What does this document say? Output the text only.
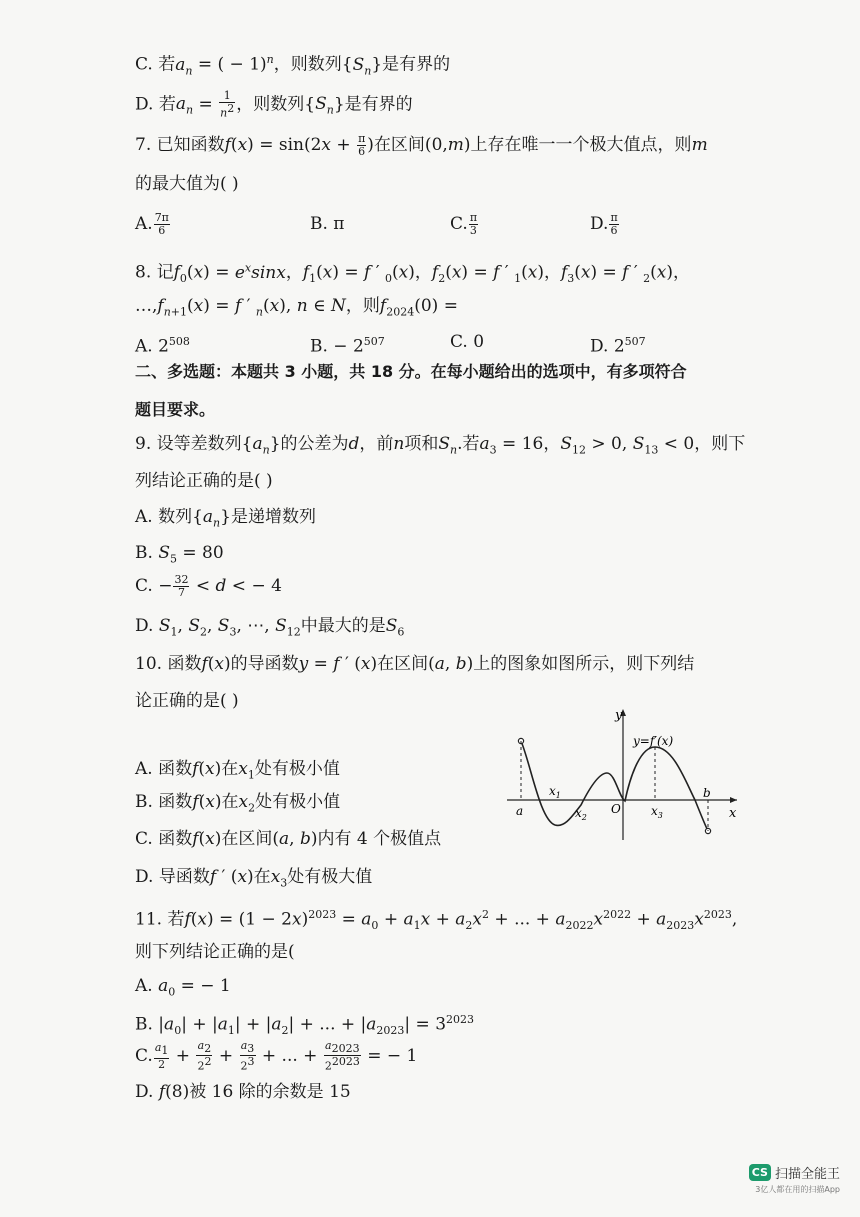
C. 若$a_n$ = ( − 1)$^n$，则数列$\{S_n\}$是有界的
D. 若$a_n = \frac{1}{n^2}$ ，则数列$\{S_n\}$是有界的
7. 已知函数$f(x) = \sin(2x + \frac{\pi}{6}$ )在区间(0,m)上存在唯一一个极大值点，则m
的最大值为( )
A. $\frac{7\pi}{6}$	B. π	C. $\frac{\pi}{3}$	D. $\frac{\pi}{6}$
8. 记$f_0(x) = e^x\sin x$，$f_1(x) = f$ ′ $_0$(x)，$f_2(x) = f$ ′ $_1$(x)，$f_3(x) = f$ ′ $_2$(x)，
$\dots,f_{n+1}(x) = f$ ′ $_n$(x), n ∈ N，则$f_{2024}(0)$ =
A. $2^{508}$	B. − $2^{507}$	C. 0	D. $2^{507}$
二、多选题：本题共 3 小题，共 18 分。在每小题给出的选项中，有多项符合
题目要求。
9. 设等差数列$\{a_n\}$的公差为d，前n项和$S_n$.若$a_3 = 16$，$S_{12} > 0$, $S_{13} < 0$，则下
列结论正确的是( )
A. 数列$\{a_n\}$是递增数列
B. $S_5 = 80$
C. − $\frac{32}{7} < d$ < − 4
D. $S_1$, $S_2$, $S_3$, ⋯, $S_{12}$中最大的是$S_6$
10. 函数f(x)的导函数y = f ′ (x)在区间(a, b)上的图象如图所示，则下列结
论正确的是( )
A. 函数f(x)在$x_1$处有极小值
B. 函数f(x)在$x_2$处有极小值
C. 函数f(x)在区间(a, b)内有 4 个极值点
D. 导函数f ′ (x)在$x_3$处有极大值
y
x
y=f′(x)
a
b
O
$x_1$
$x_2$	$x_3$
11. 若$f(x) = (1 - 2x)^{2023} = a_0 + a_1x + a_2x^2$ + ... + $a_{2022}x^{2022} + a_{2023}x^{2023}$,
则下列结论正确的是(
A. $a_0$ = − 1
B. $|a_0| + |a_1| + |a_2|$ + ... + $|a_{2023}| = 3^{2023}$
C. $\frac{a_1}{2} + \frac{a_2}{2^2} + \frac{a_3}{2^3}$ + ... + $\frac{a_{2023}}{2^{2023}}$ = − 1
D. f(8)被 16 除的余数是 15
CS 扫描全能王
3亿人都在用的扫描App
